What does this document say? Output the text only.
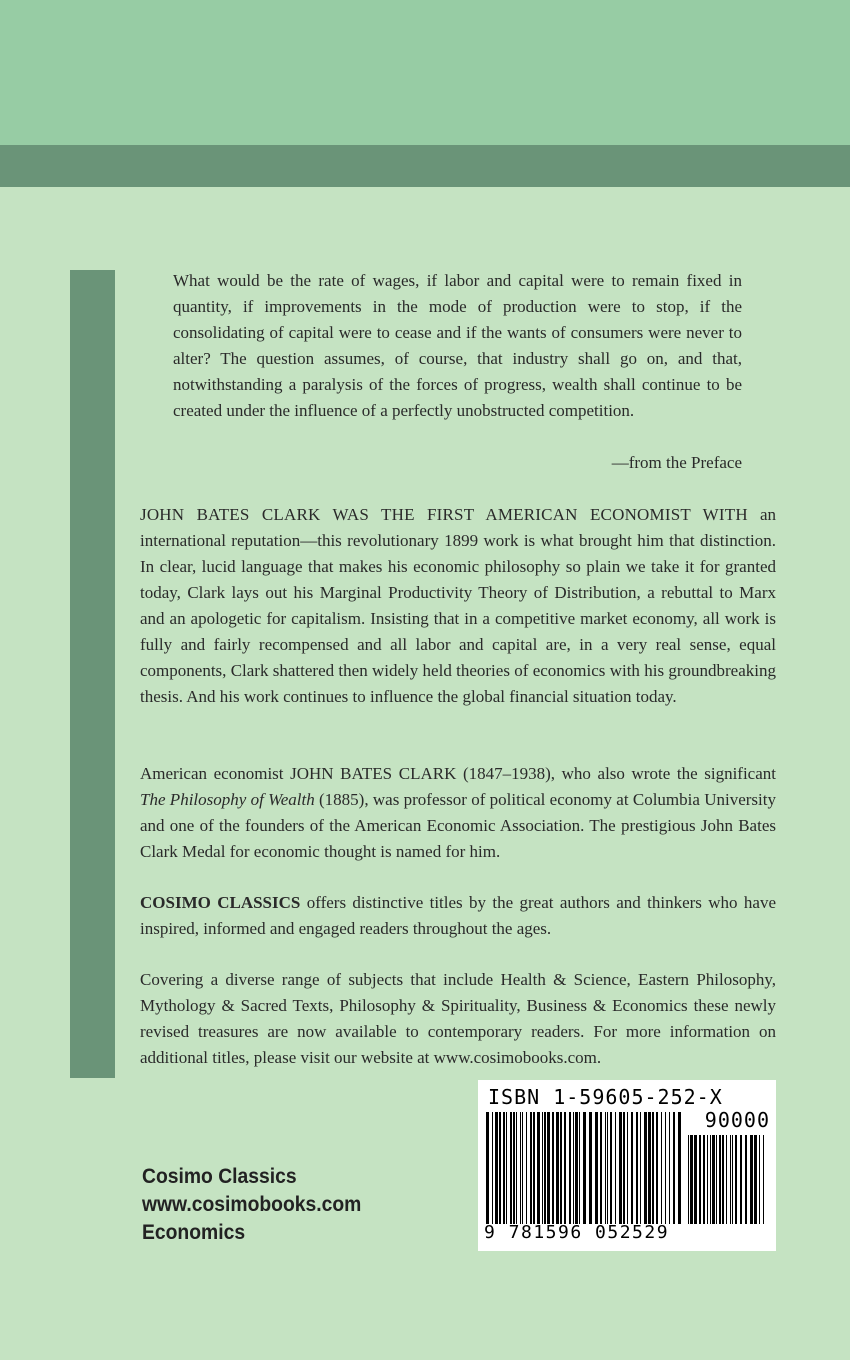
What would be the rate of wages, if labor and capital were to remain fixed in quantity, if improvements in the mode of production were to stop, if the consolidating of capital were to cease and if the wants of consumers were never to alter? The question assumes, of course, that industry shall go on, and that, notwithstanding a paralysis of the forces of progress, wealth shall continue to be created under the influence of a perfectly unobstructed competition.
—from the Preface
JOHN BATES CLARK WAS THE FIRST AMERICAN ECONOMIST WITH an international reputation—this revolutionary 1899 work is what brought him that distinction. In clear, lucid language that makes his economic philosophy so plain we take it for granted today, Clark lays out his Marginal Productivity Theory of Distribution, a rebuttal to Marx and an apologetic for capitalism. Insisting that in a competitive market economy, all work is fully and fairly recompensed and all labor and capital are, in a very real sense, equal components, Clark shattered then widely held theories of economics with his groundbreaking thesis. And his work continues to influence the global financial situation today.
American economist JOHN BATES CLARK (1847–1938), who also wrote the significant The Philosophy of Wealth (1885), was professor of political economy at Columbia University and one of the founders of the American Economic Association. The prestigious John Bates Clark Medal for economic thought is named for him.
COSIMO CLASSICS offers distinctive titles by the great authors and thinkers who have inspired, informed and engaged readers throughout the ages.
Covering a diverse range of subjects that include Health & Science, Eastern Philosophy, Mythology & Sacred Texts, Philosophy & Spirituality, Business & Economics these newly revised treasures are now available to contemporary readers. For more information on additional titles, please visit our website at www.cosimobooks.com.
Cosimo Classics
www.cosimobooks.com
Economics
ISBN 1-59605-252-X
90000
9 781596 052529
